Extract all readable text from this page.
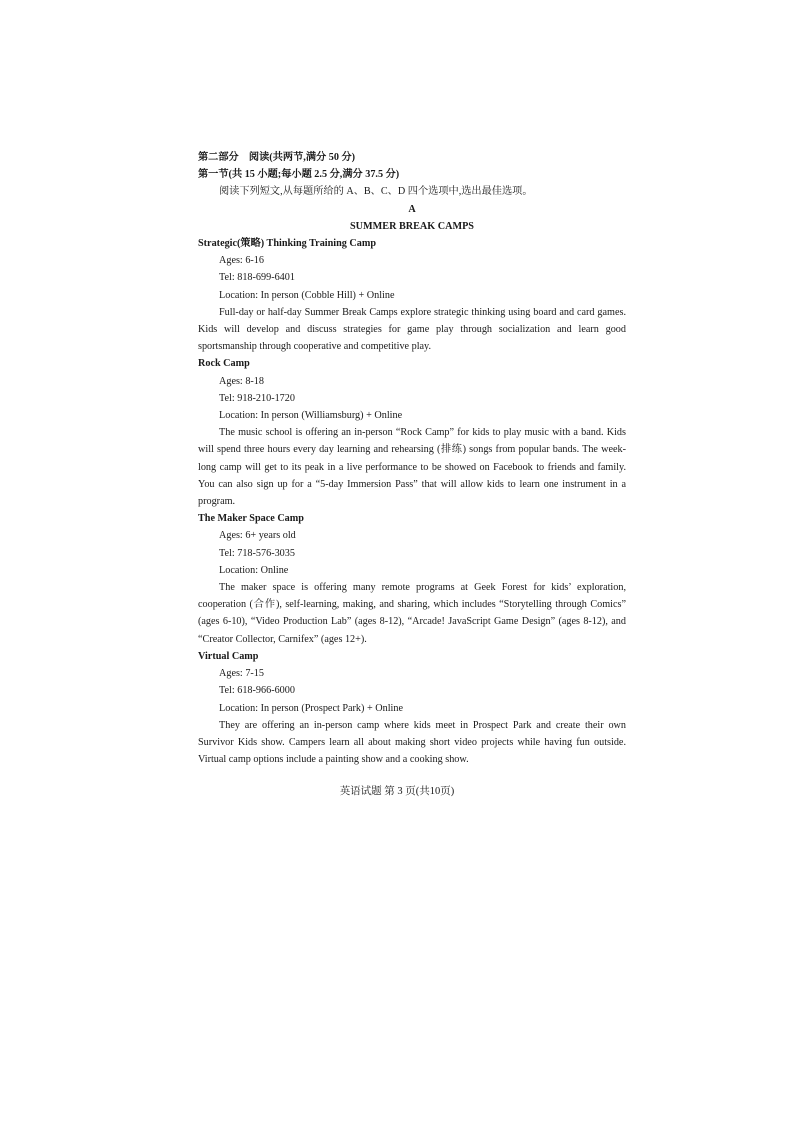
第二部分　阅读(共两节,满分 50 分)

第一节(共 15 小题;每小题 2.5 分,满分 37.5 分)

阅读下列短文,从每题所给的 A、B、C、D 四个选项中,选出最佳选项。

A

SUMMER BREAK CAMPS

Strategic(策略) Thinking Training Camp

Ages: 6-16

Tel: 818-699-6401

Location: In person (Cobble Hill) + Online

Full-day or half-day Summer Break Camps explore strategic thinking using board and card games. Kids will develop and discuss strategies for game play through socialization and learn good sportsmanship through cooperative and competitive play.

Rock Camp

Ages: 8-18

Tel: 918-210-1720

Location: In person (Williamsburg) + Online

The music school is offering an in-person “Rock Camp” for kids to play music with a band. Kids will spend three hours every day learning and rehearsing (排练) songs from popular bands. The week-long camp will get to its peak in a live performance to be showed on Facebook to friends and family. You can also sign up for a “5-day Immersion Pass” that will allow kids to learn one instrument in a program.

The Maker Space Camp

Ages: 6+ years old

Tel: 718-576-3035

Location: Online

The maker space is offering many remote programs at Geek Forest for kids’ exploration, cooperation (合作), self-learning, making, and sharing, which includes “Storytelling through Comics” (ages 6-10), “Video Production Lab” (ages 8-12), “Arcade! JavaScript Game Design” (ages 8-12), and “Creator Collector, Carnifex” (ages 12+).

Virtual Camp

Ages: 7-15

Tel: 618-966-6000

Location: In person (Prospect Park) + Online

They are offering an in-person camp where kids meet in Prospect Park and create their own Survivor Kids show. Campers learn all about making short video projects while having fun outside. Virtual camp options include a painting show and a cooking show.

英语试题 第 3 页(共10页)
